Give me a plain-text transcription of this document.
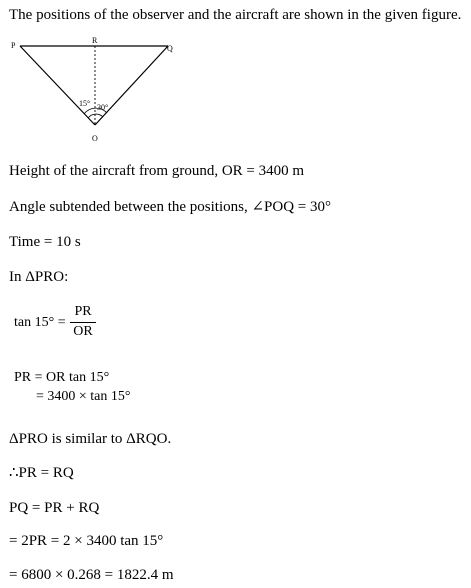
The positions of the observer and the aircraft are shown in the given figure.
P
R
Q
O
15° 30°
Height of the aircraft from ground, OR = 3400 m
Angle subtended between the positions, ∠POQ = 30°
Time = 10 s
In ΔPRO:
tan 15° =
PR
OR
PR = OR tan 15°
= 3400 × tan 15°
ΔPRO is similar to ΔRQO.
∴PR = RQ
PQ = PR + RQ
= 2PR = 2 × 3400 tan 15°
= 6800 × 0.268 = 1822.4 m
